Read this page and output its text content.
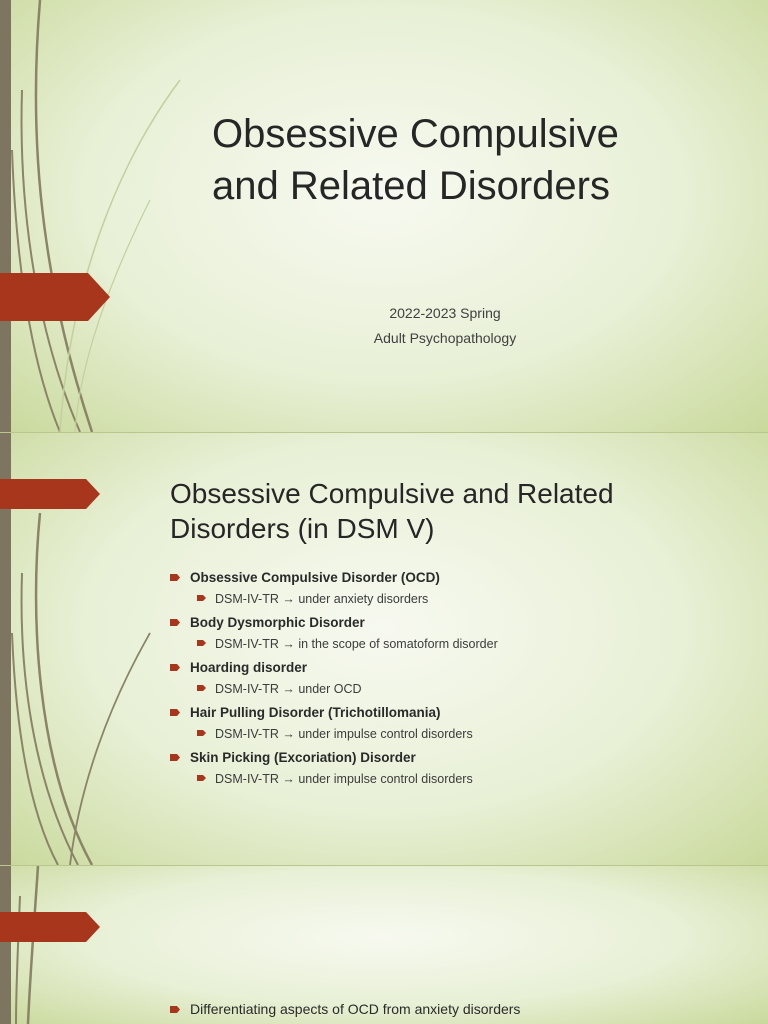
Obsessive Compulsive
and Related Disorders
2022-2023 Spring
Adult Psychopathology
Obsessive Compulsive and Related
Disorders (in DSM V)
Obsessive Compulsive Disorder (OCD)
DSM-IV-TR → under anxiety disorders
Body Dysmorphic Disorder
DSM-IV-TR → in the scope of somatoform disorder
Hoarding disorder
DSM-IV-TR → under OCD
Hair Pulling Disorder (Trichotillomania)
DSM-IV-TR → under impulse control disorders
Skin Picking (Excoriation) Disorder
DSM-IV-TR → under impulse control disorders
Differentiating aspects of OCD from anxiety disorders
